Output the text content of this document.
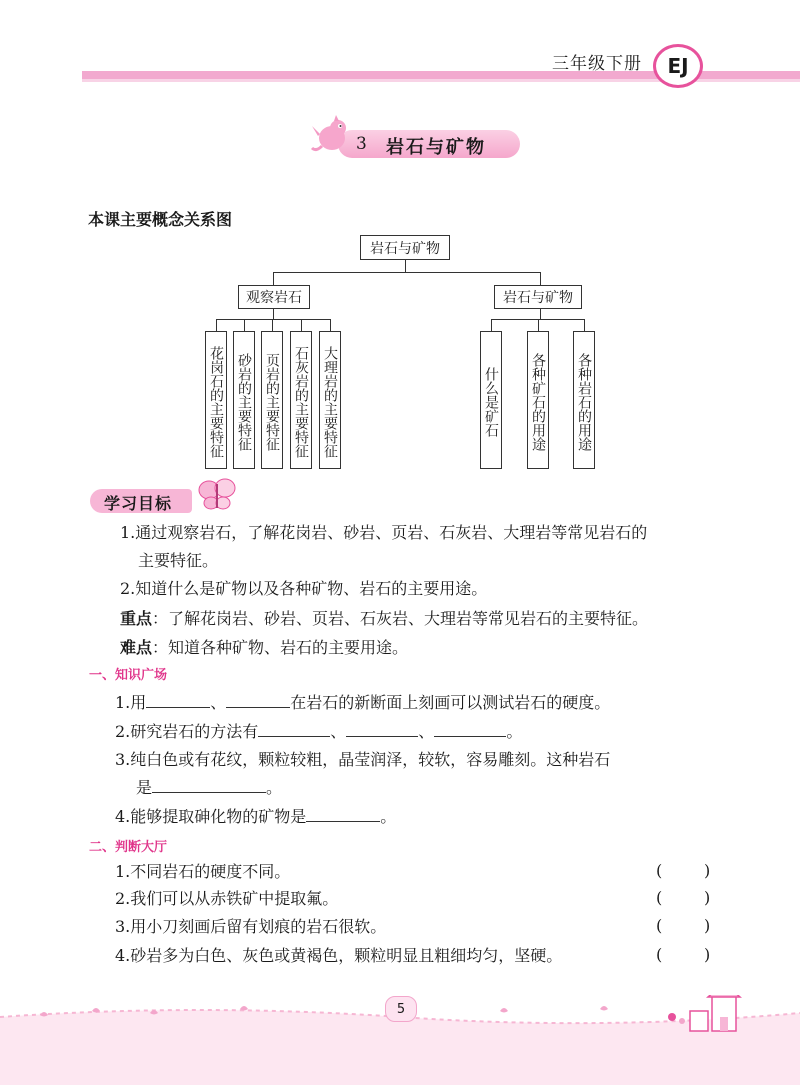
三年级下册	EJ
3 岩石与矿物
本课主要概念关系图
岩石与矿物
观察岩石	岩石与矿物
花岗石的主要特征 砂岩的主要特征 页岩的主要特征 石灰岩的主要特征 大理岩的主要特征	什么是矿石 各种矿石的用途 各种岩石的用途
学习目标
1.通过观察岩石，了解花岗岩、砂岩、页岩、石灰岩、大理岩等常见岩石的
主要特征。
2.知道什么是矿物以及各种矿物、岩石的主要用途。
重点：了解花岗岩、砂岩、页岩、石灰岩、大理岩等常见岩石的主要特征。
难点：知道各种矿物、岩石的主要用途。
一、知识广场
1.用	、	在岩石的新断面上刻画可以测试岩石的硬度。
2.研究岩石的方法有	、	、	。
3.纯白色或有花纹，颗粒较粗，晶莹润泽，较软，容易雕刻。这种岩石
是	。
4.能够提取砷化物的矿物是	。
二、判断大厅
1.不同岩石的硬度不同。
2.我们可以从赤铁矿中提取氟。
3.用小刀刻画后留有划痕的岩石很软。
4.砂岩多为白色、灰色或黄褐色，颗粒明显且粗细均匀，坚硬。
(	)
(	)
(	)
(	)
5
